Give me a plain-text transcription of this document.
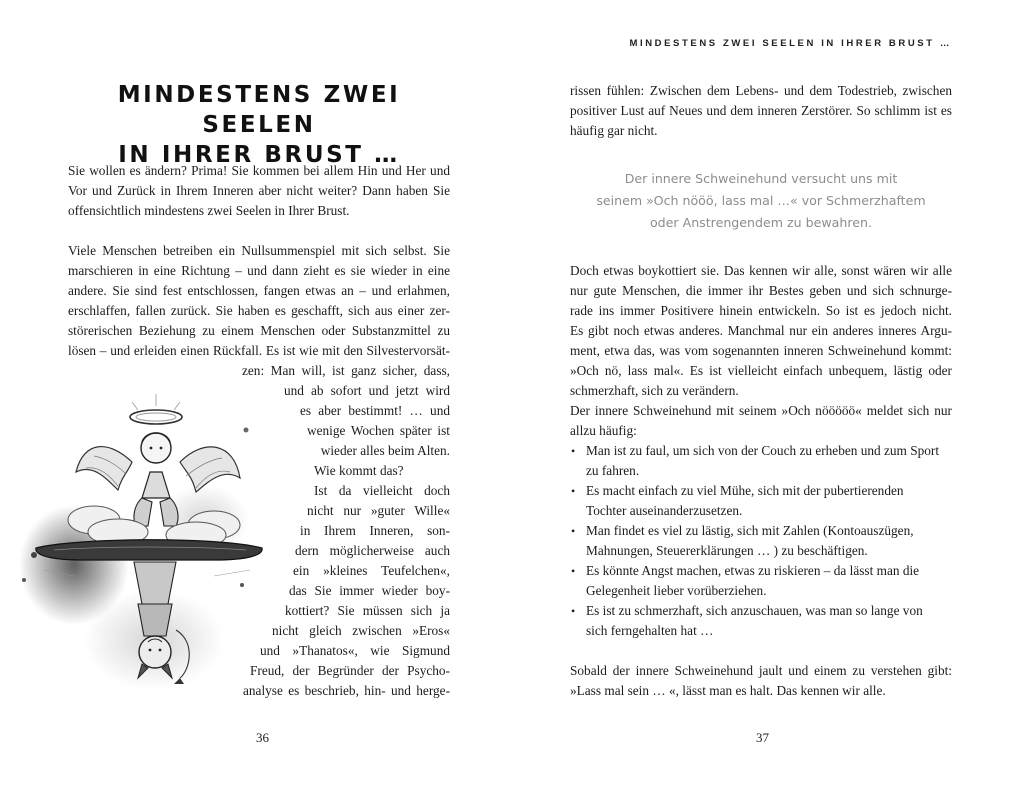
MINDESTENS ZWEI SEELEN
IN IHRER BRUST …
Sie wollen es ändern? Prima! Sie kommen bei allem Hin und Her und
Vor und Zurück in Ihrem Inneren aber nicht weiter? Dann haben Sie
offensichtlich mindestens zwei Seelen in Ihrer Brust.
Viele Menschen betreiben ein Nullsummenspiel mit sich selbst. Sie
marschieren in eine Richtung – und dann zieht es sie wieder in eine
andere. Sie sind fest entschlossen, fangen etwas an – und erlahmen,
erschlaffen, fallen zurück. Sie haben es geschafft, sich aus einer zer-
störerischen Beziehung zu einem Menschen oder Substanzmittel zu
lösen – und erleiden einen Rückfall. Es ist wie mit den Silvestervorsät-
zen: Man will, ist ganz sicher, dass,
und ab sofort und jetzt wird
es aber bestimmt! … und
wenige Wochen später ist
wieder alles beim Alten.
Wie kommt das?
Ist da vielleicht doch
nicht nur »guter Wille«
in Ihrem Inneren, son-
dern möglicherweise auch
ein »kleines Teufelchen«,
das Sie immer wieder boy-
kottiert? Sie müssen sich ja
nicht gleich zwischen »Eros«
und »Thanatos«, wie Sigmund
Freud, der Begründer der Psycho-
analyse es beschrieb, hin- und herge-
36
MINDESTENS ZWEI SEELEN IN IHRER BRUST …
rissen fühlen: Zwischen dem Lebens- und dem Todestrieb, zwischen
positiver Lust auf Neues und dem inneren Zerstörer. So schlimm ist es
häufig gar nicht.
Der innere Schweinehund versucht uns mit
seinem »Och nööö, lass mal …« vor Schmerzhaftem
oder Anstrengendem zu bewahren.
Doch etwas boykottiert sie. Das kennen wir alle, sonst wären wir alle
nur gute Menschen, die immer ihr Bestes geben und sich schnurge-
rade ins immer Positivere hinein entwickeln. So ist es jedoch nicht.
Es gibt noch etwas anderes. Manchmal nur ein anderes inneres Argu-
ment, etwa das, was vom sogenannten inneren Schweinehund kommt:
»Och nö, lass mal«. Es ist vielleicht einfach unbequem, lästig oder
schmerzhaft, sich zu verändern.
Der innere Schweinehund mit seinem »Och nööööö« meldet sich nur
allzu häufig:
• Man ist zu faul, um sich von der Couch zu erheben und zum Sport
zu fahren.
• Es macht einfach zu viel Mühe, sich mit der pubertierenden
Tochter auseinanderzusetzen.
• Man findet es viel zu lästig, sich mit Zahlen (Kontoauszügen,
Mahnungen, Steuererklärungen … ) zu beschäftigen.
• Es könnte Angst machen, etwas zu riskieren – da lässt man die
Gelegenheit lieber vorüberziehen.
• Es ist zu schmerzhaft, sich anzuschauen, was man so lange von
sich ferngehalten hat …
Sobald der innere Schweinehund jault und einem zu verstehen gibt:
»Lass mal sein … «, lässt man es halt. Das kennen wir alle.
37
